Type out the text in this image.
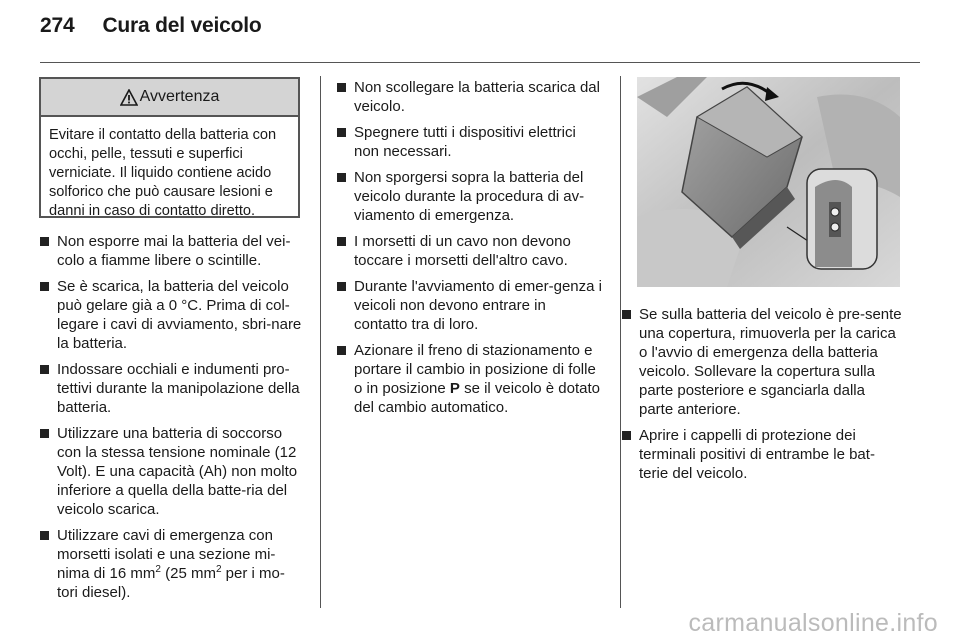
274 Cura del veicolo
Avvertenza
Evitare il contatto della batteria con occhi, pelle, tessuti e superfici verniciate. Il liquido contiene acido solforico che può causare lesioni e danni in caso di contatto diretto.
Non esporre mai la batteria del vei-colo a fiamme libere o scintille.
Se è scarica, la batteria del veicolo può gelare già a 0 °C. Prima di col-legare i cavi di avviamento, sbri-nare la batteria.
Indossare occhiali e indumenti pro-tettivi durante la manipolazione della batteria.
Utilizzare una batteria di soccorso con la stessa tensione nominale (12 Volt). E una capacità (Ah) non molto inferiore a quella della batte-ria del veicolo scarica.
Utilizzare cavi di emergenza con morsetti isolati e una sezione mi-nima di 16 $mm^2$ (25 $mm^2$ per i mo-tori diesel).
Non scollegare la batteria scarica dal veicolo.
Spegnere tutti i dispositivi elettrici non necessari.
Non sporgersi sopra la batteria del veicolo durante la procedura di av-viamento di emergenza.
I morsetti di un cavo non devono toccare i morsetti dell'altro cavo.
Durante l'avviamento di emer-genza i veicoli non devono entrare in contatto tra di loro.
Azionare il freno di stazionamento e portare il cambio in posizione di folle o in posizione P se il veicolo è dotato del cambio automatico.
Se sulla batteria del veicolo è pre-sente una copertura, rimuoverla per la carica o l'avvio di emergenza della batteria veicolo. Sollevare la copertura sulla parte posteriore e sganciarla dalla parte anteriore.
Aprire i cappelli di protezione dei terminali positivi di entrambe le bat-terie del veicolo.
carmanualsonline.info
